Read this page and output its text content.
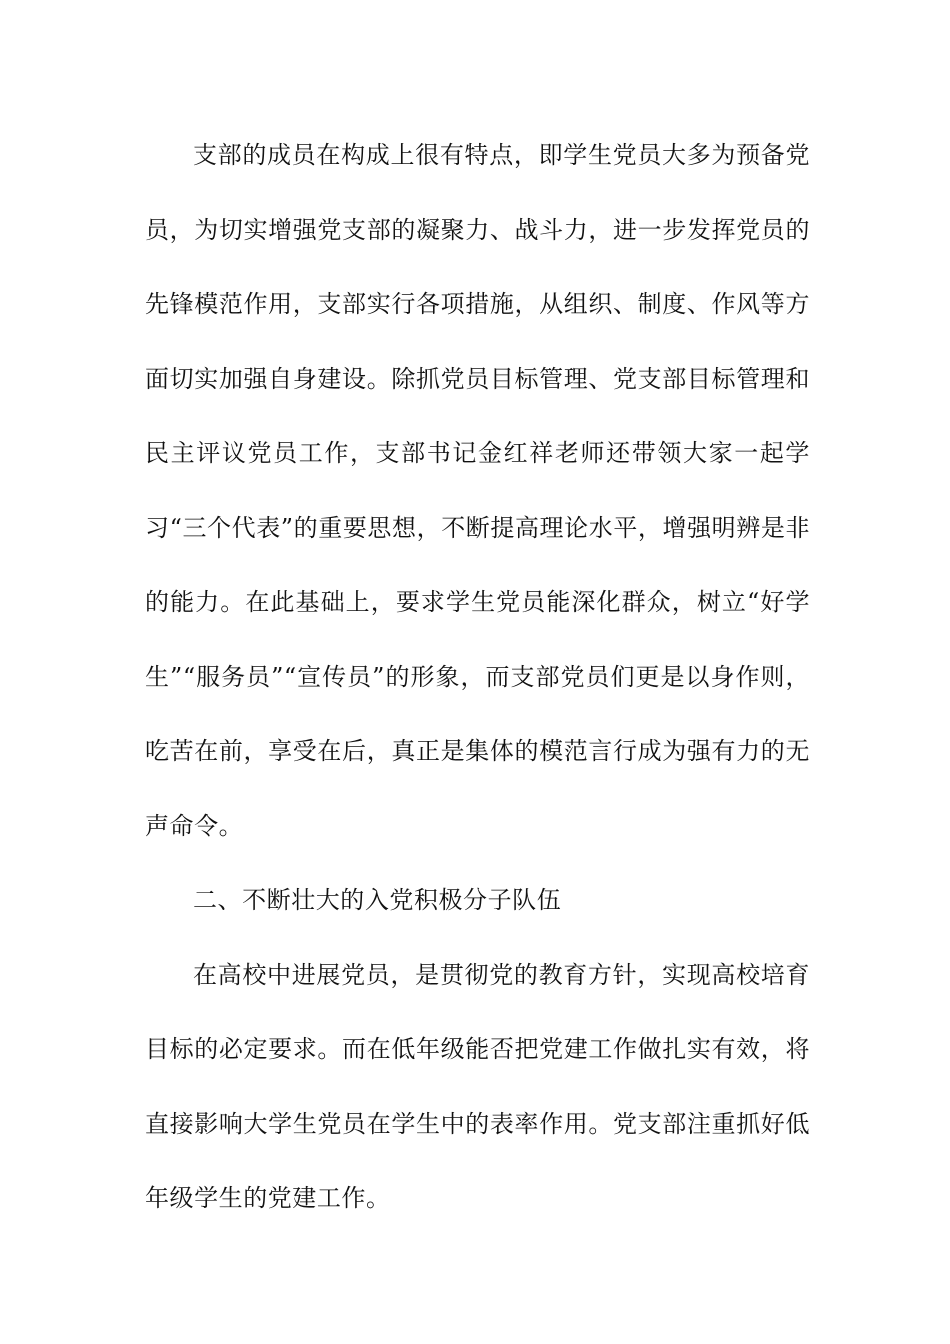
支部的成员在构成上很有特点，即学生党员大多为预备党员，为切实增强党支部的凝聚力、战斗力，进一步发挥党员的先锋模范作用，支部实行各项措施，从组织、制度、作风等方面切实加强自身建设。除抓党员目标管理、党支部目标管理和民主评议党员工作，支部书记金红祥老师还带领大家一起学习“三个代表”的重要思想，不断提高理论水平，增强明辨是非的能力。在此基础上，要求学生党员能深化群众，树立“好学生”“服务员”“宣传员”的形象，而支部党员们更是以身作则，吃苦在前，享受在后，真正是集体的模范言行成为强有力的无声命令。

二、不断壮大的入党积极分子队伍

在高校中进展党员，是贯彻党的教育方针，实现高校培育目标的必定要求。而在低年级能否把党建工作做扎实有效，将直接影响大学生党员在学生中的表率作用。党支部注重抓好低年级学生的党建工作。
